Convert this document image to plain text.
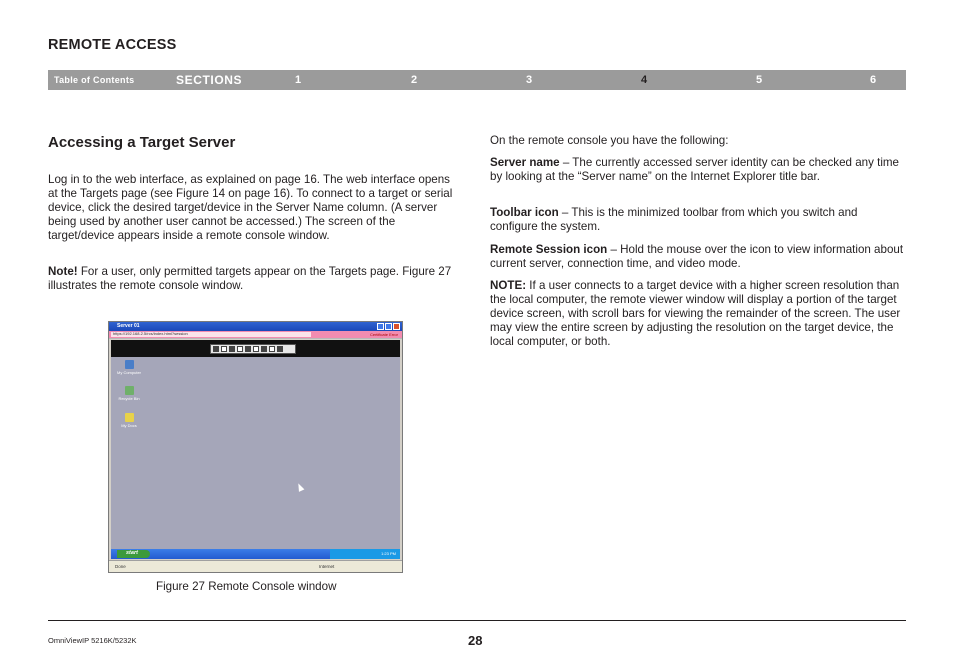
REMOTE ACCESS
Table of Contents	SECTIONS	1	2	3	4	5	6
Accessing a Target Server
Log in to the web interface, as explained on page 16. The web interface opens at the Targets page (see Figure 14 on page 16). To connect to a target or serial device, click the desired target/device in the Server Name column. (A server being used by another user cannot be accessed.) The screen of the target/device appears inside a remote console window.
Note! For a user, only permitted targets appear on the Targets page. Figure 27 illustrates the remote console window.
Server 01
https://192.168.2.5/rcs/index.html?session	Certificate Error
My Computer
Recycle Bin
My Docs
start	1:23 PM
Done	Internet
Figure 27 Remote Console window
On the remote console you have the following:
Server name – The currently accessed server identity can be checked any time by looking at the “Server name” on the Internet Explorer title bar.
Toolbar icon – This is the minimized toolbar from which you switch and configure the system.
Remote Session icon – Hold the mouse over the icon to view information about current server, connection time, and video mode.
NOTE: If a user connects to a target device with a higher screen resolution than the local computer, the remote viewer window will display a portion of the target device screen, with scroll bars for viewing the remainder of the screen. The user may view the entire screen by adjusting the resolution on the target device, the local computer, or both.
OmniViewIP 5216K/5232K	28
